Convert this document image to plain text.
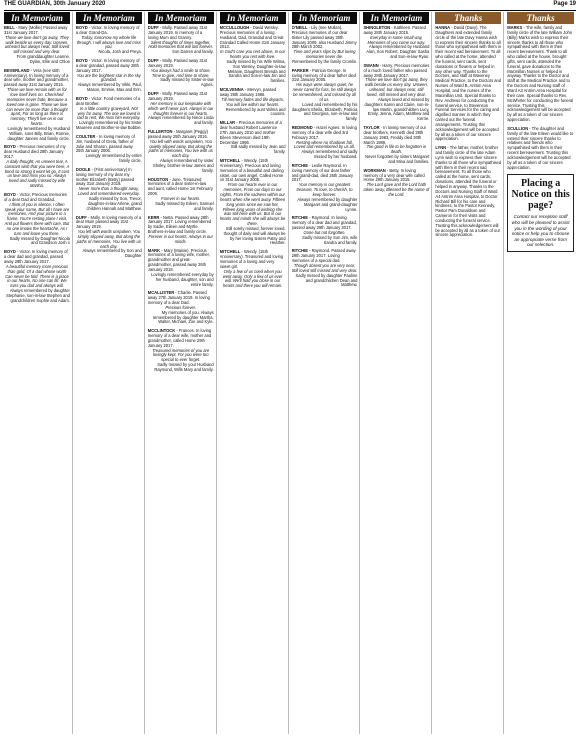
THE GUARDIAN, 30th January 2020	Page 19
In Memoriam
BELL - Mary (Mollie) Passed away 31st January 2017.
Those we love don't go away, They walk beside us every day. Unseen, unheard but always near, Still loved still missed and very dear.
From granddaughter Leanne, Dylan, Ellie and Chloe
BEVERLAND - Vera (nee stith Anniversary). In loving memory of a dear wife, mother and grandmother, passed away 31st January 2016.
Those we love remain with us for love itself lives on. Cherished memories never fade, Because a loved one is gone. Those we love can never be more than a thought apart, For as long as there is memory, They'll live on in our hearts.
Lovingly remembered by Husband William, sons Billy, Brian, Ronnie, daughter Janeen and family circle.
BOYD - Precious memories of my dear Husband died 28th January 2017.
A daily thought, An unseen tear, A constant wish that you were here, A bond so strong it wont let go, It cost us love and miss you so. Always loved and sadly missed by wife Martha.
BOYD - Victor, Precious memories of a dear Dad and Grandad.
I think of you in silence, I often speak your name, But all I have are memories, And your picture in a frame. You're resting place I visit, And put flowers there with care, But no one knows the heartache, As I turn and leave you there.
Sadly missed by Daughter Nicola and Grandson Josh x
BOYD - Victor. In loving memory of a dear dad and grandad, passed away 28th January 2017.
A beautiful memory more precious than gold, Of a dad whose worth Can never be told. There is a place in our hearts, No one can fill. We miss you dad and always will.
Always remembered by daughter Stephanie, son-in-law Stephen and grandchildren Sophie and Adam.
In Memoriam
BOYD - Victor. In loving memory of a dear Grand-Da.
Today, tomorrow my whole life through, I will always love and miss you.
Nicola, Josh and Preya.
BOYD - Victor. In loving memory of a dear grandad, passed away 28th January 2017.
You are the brightest star in the sky grandad.
Always remembered by Vikki, Paul, Mason, Emmie, Max and Erin.
BOYD - Victor. Fond memories of a dear Brother.
In a little country graveyard, Not very far away, The one we loved is laid to rest, We miss him everyday.
Lovingly remembered by his Sister Maureen and Brother-in-law Bobbie.
COULTER - In loving memory of Jim, husband of Greta, father of Julie and Sharon, passed away 25th January 2006.
Lovingly remembered by entire family circle.
DOOLE - (First anniversary) In loving memory of my dear my mother Elizabeth (Betty) passed away 31st January 2019.
Never more than a thought away, Loved and remembered everyday.
Sadly missed by Son, Trevor, daughter-in-law Arlene, grand children Hannah and Matthew.
DUFF - Molly. In loving memory of a dear Mum passed away 31st January 2019.
You left with words unspoken, You simply slipped away, But along the paths of memories, You live with us each day.
Always remembered by Son and Daughter
In Memoriam
DUFF - Molly. Passed away 31st January 2019. In memory of a loving Mum and Granny.
Silent thoughts of times together, Hold memories that will last forever.
Son Darren and family.
DUFF - Molly. Passed away 31st January 2019.
You always had a smile to share, Time to give, And time to share.
Sadly missed by Sister-in-law Agnes.
DUFF - Molly. Passed away 31st January 2019.
Her memory is our keepsake with which we'll never part. Always in our thoughts forever in our hearts.
Always remembered by Niece Linda and family.
FULLERTON - Margaret (Peggy) passed away 25th January 2016.
You left with words unspoken, You quietly slipped away, But along the paths of memories, You live with us each day.
Always remembered by sister Shirley, brother-in-law James and family.
HOUSTON - June. Treasured memories of a dear sister-in-law and aunt, called Home 1st February 2006.
Forever in our hearts.
Sadly missed by Eileen, Samuel and family.
KERR - Netta. Passed away 28th January 2017. Loving remembered by Sadie, Eileen and Myrtle. Brothers-in-law and family circle.
Forever in our hearts, Always in our minds.
MARK - Mary (Maisie). Precious memories of a loving wife, mother, grandmother and great-grandmother, passed away 26th January 2018.
Lovingly remembered everyday by her husband, daughter, son and entire family.
MCALLISTER - Charlie. Passed away 27th January 2019. In loving memory of a dear Dad.
Precious forever.
My memories of you. Always remembered by daughter Martha, Walter, Michael, Zoe and Kyle.
MCCLINTOCK - Frances. In loving memory of a dear wife, mother and grandmother, called Home 29th January 2017.
Treasured memories of you are lovingly kept, For you were too special to ever forget.
Sadly missed by your Husband Raymond, Wills Mary and family.
In Memoriam
MCCULLOUGH - David Wesley. Precious memories of a loving Husband, Dad, Grandad and Great Grandad Called Home 31st January 2013.
In God's care you rest above, In our hearts you rest with love.
Sadly missed by his Wife Wilma, Son Wesley, Daughter-in-law Melanie, Daughters Brenda and Sandra and Son-in-law Jim and families.
MCILVENNA - Mervyn, passed away 28th January 1986.
Till memory fades and life departs, You will live within our hearts.
Remembered by aunt Wilma and cousins.
MILLAR - Precious memories of a dear husband Robert Lawrence 27th January 2010 and mother Eileen Stevenson died 19th December 1996.
Still sadly missed by Jean and family.
MITCHELL - Wendy. (15th Anniversary). Precious and loving memories of a beautiful and darling sister, our own angel, Called Home on 31st January 2005.
From our hearts ever in our memories, From our days to our nights, From the sadness within our hearts when she went away. Fifteen long years since we saw her, Fifteen long years of wishing she was still here with us. But in our hearts and minds she will always be there.
Still sorely missed, forever loved, thought of daily and will always be by her loving sisters Patsy and Heather.
MITCHELL - Wendy. (15th Anniversary). Treasured and loving memories of a loving and very sweet girl.
Only a few of us cried when you went away. Only a few of us ever will. We'll hold you close in our hearts and there you will remain.
In Memoriam
O'NEILL - Lily (nee Mullan). Precious memories of our dear Sister Lily passed away 30th January 2009, also Husband Jimmy 28th March 2002.
Time and years slips by But loving memories never die.
Remembered by the family Cromlin.
PARKER - Patricia George. In loving memory of a dear father died 31st January 2005.
His ways were always quiet, he never cared for fuss, he still always be remembered, and missed by all of us.
Loved and remembered by his daughters Sheila, Elizabeth, Patricia and Georgina, son-in-law and family.
REDMOND - Hazel Agnes. In loving memory of a dear wife died 3rd February 2017.
Resting where no shadows fall. Loved and remembered by us all.
Always remembered and sadly missed by her husband.
RITCHIE - Leslie Raymond. In loving memory of our dear father and grand-dad, died 26th January 2017.
Your memory is our greatest treasure, To love, to cherish, to keep forever.
Always remembered by daughter Margaret and grand-daughter Lynne.
RITCHIE - Raymond. In loving memory of a dear dad and grandad, passed away 29th January 2017.
Gone but not forgotten.
Sadly missed by Son Jim, wife Sandra and family.
RITCHIE - Raymond. Passed away 29th January 2017. Loving memories of a special dad.
Though absent you are very near, Still loved still missed and very dear.
Sadly missed by daughter Pauline and grandchildren Dean and Matthew.
In Memoriam
SHINGLETON - Kathleen. Passed away 28th January 2015.
Everyday in some small way, Memories of you come our way.
Always remembered by Husband Alan, Son Robert, Daughter Sasha and Son-in-law Ryan.
SWANN - Harry. Precious memories of a much loved father who passed away 28th January 2017.
Those we love don't go away, they walk beside us every day. Unseen, unheard, but always near, still loved, still missed and very dear.
Always loved and missed by daughters Karen and Claire, son-in-law Martin, grandchildren Lucy, Emily, Jenna, Adam, Matthew and Kerrie.
TAYLOR - In loving memory of our dear brothers, Kenneth died 28th January 1983, Freddy died 30th March 1989.
Too good in life to be forgotten in death.
Never forgotten by sisters Margaret and Mina and families.
WORKMAN - Betty. In loving memory of a very dear wife called Home 28th January 2015.
The Lord gave and the Lord hath taken away, Blessed be the name of the Lord.
Thanks
HANNA - David (Davy). The Daughters and extended family circle of the late Davy Hanna wish to express their sincere thanks to all those who sympathised with them in their recent sad bereavement. To all who called at the home, attended the funeral, sent cards, sent donations or flowers or helped in any other way. Thanks to the Doctors, and staff at Waveney Medical Practice, to the Doctors and Nurses of Ward B, Antrim Area Hospital, and the nurses of the Macmillan Unit. Special thanks to Rev. Andrews for conducting the funeral service, to Stevenson Funeral Services for the caring and dignified manner in which they carried out the funeral arrangements. Trusting this acknowledgement will be accepted by all as a token of our sincere appreciation.
LYNN - The father, mother, brother and family circle of the late Adam Lynn wish to express their sincere thanks to all those who sympathised with them in their recent sad bereavement. To all those who called at the home, sent cards, donations, attended the funeral or helped in anyway. Thanks to the Doctors and Nursing Staff of Ward A4 Antrim Area Hospital, to Doctor Richard Bill for his care and kindness, to the Pastor Kennedy, Pastor Pam Donaldson and Cameron for their visits and conducting the funeral service. Trusting this acknowledgement will be accepted by all as a token of our sincere appreciation.
Thanks
MARKS - The wife, family and family circle of the late William John (Billy) Marks wish to express their sincere thanks to all those who sympathised with them in their recent bereavement. Thank to all who called at the house, brought gifts, sent cards, attended the funeral, gave donations to the Macmillan Nurses or helped in anyway. Thanks to the Doctor and staff at the Medical Practice and to the Doctors and Nursing staff of Ward A3 Antrim Area Hospital for their care. Special thanks to Rev. McWhirter for conducting the funeral service. Trusting this acknowledgement will be accepted by all as a token of our sincere appreciation.
SCULLION - The daughter and family of the late Eileen would like to extend their sincere thanks to relatives and friends who sympathised with them in their recent bereavement. Trusting this acknowledgement will be accepted by all as a token of our sincere appreciation.
Placing a Notice on this page?

Contact our reception staff who will be pleased to assist you in the wording of your notice or help you to choose an appropriate verse from our selection.
